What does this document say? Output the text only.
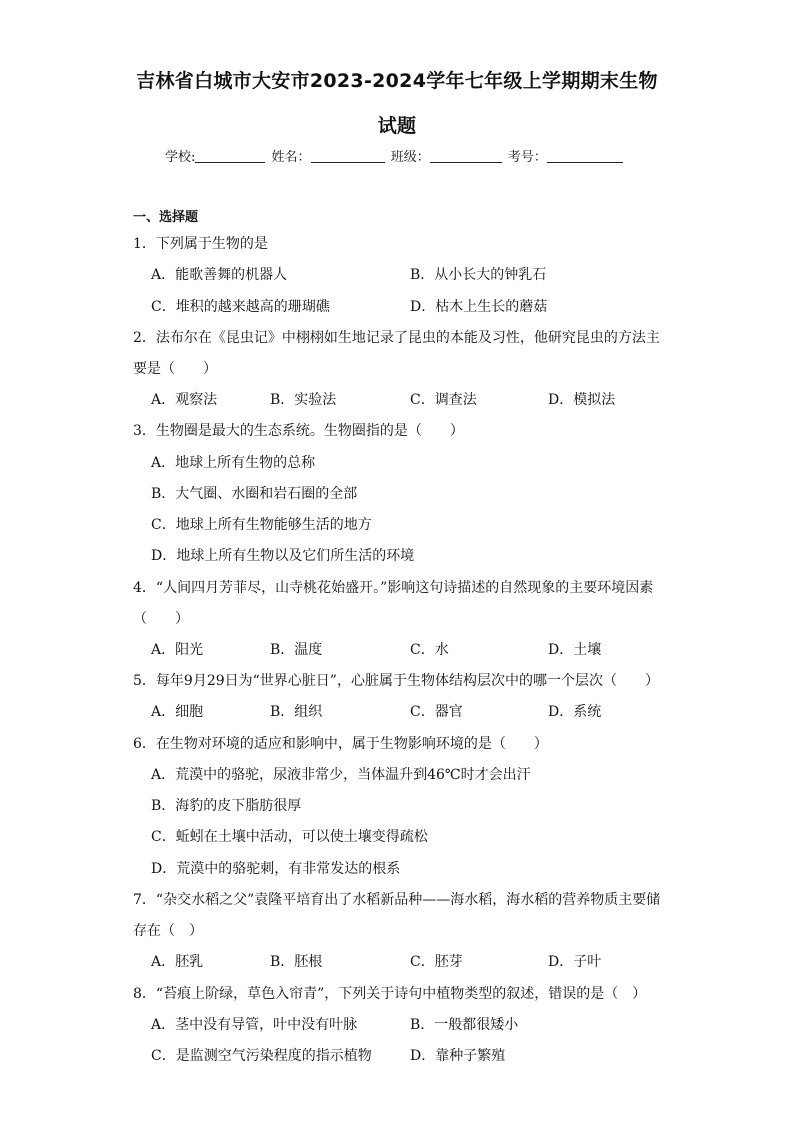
吉林省白城市大安市2023-2024学年七年级上学期期末生物
试题
学校:	姓名：	班级：	考号：
一、选择题
1．下列属于生物的是
A．能歌善舞的机器人	B．从小长大的钟乳石
C．堆积的越来越高的珊瑚礁	D．枯木上生长的蘑菇
2．法布尔在《昆虫记》中栩栩如生地记录了昆虫的本能及习性，他研究昆虫的方法主
要是（　　）
A．观察法	B．实验法	C．调查法	D．模拟法
3．生物圈是最大的生态系统。生物圈指的是（　　）
A．地球上所有生物的总称
B．大气圈、水圈和岩石圈的全部
C．地球上所有生物能够生活的地方
D．地球上所有生物以及它们所生活的环境
4．“人间四月芳菲尽，山寺桃花始盛开。”影响这句诗描述的自然现象的主要环境因素
（　　）
A．阳光	B．温度	C．水	D．土壤
5．每年9月29日为“世界心脏日”，心脏属于生物体结构层次中的哪一个层次（　　）
A．细胞	B．组织	C．器官	D．系统
6．在生物对环境的适应和影响中，属于生物影响环境的是（　　）
A．荒漠中的骆驼，尿液非常少，当体温升到46℃时才会出汗
B．海豹的皮下脂肪很厚
C．蚯蚓在土壤中活动，可以使土壤变得疏松
D．荒漠中的骆驼刺，有非常发达的根系
7．“杂交水稻之父”袁隆平培育出了水稻新品种——海水稻，海水稻的营养物质主要储
存在（　）
A．胚乳	B．胚根	C．胚芽	D．子叶
8．“苔痕上阶绿，草色入帘青”，下列关于诗句中植物类型的叙述，错误的是（　）
A．茎中没有导管，叶中没有叶脉	B．一般都很矮小
C．是监测空气污染程度的指示植物	D．靠种子繁殖
